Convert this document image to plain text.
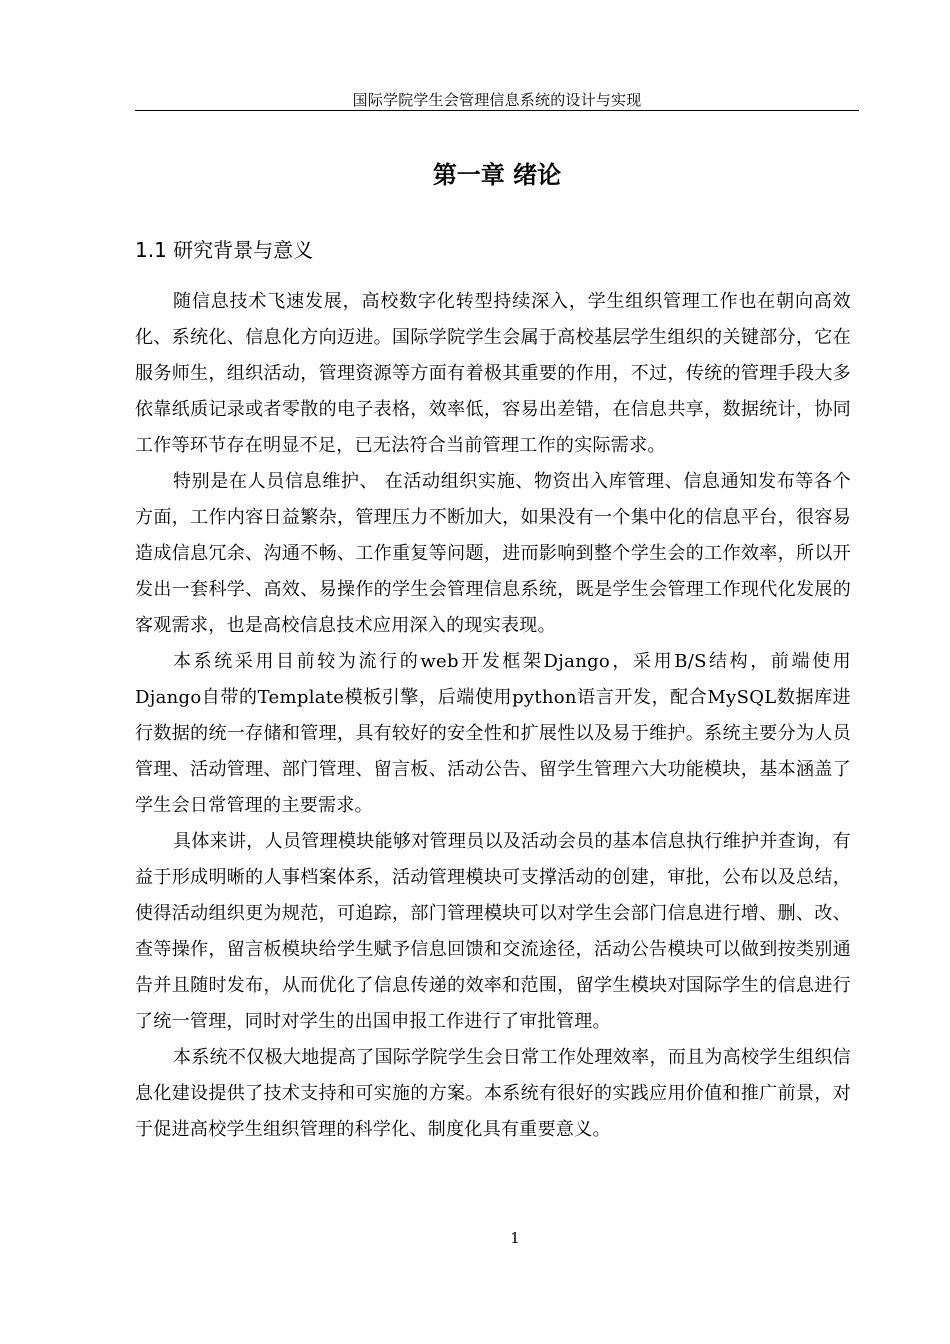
国际学院学生会管理信息系统的设计与实现
第一章 绪论
1.1 研究背景与意义

随信息技术飞速发展，高校数字化转型持续深入，学生组织管理工作也在朝向高效化、系统化、信息化方向迈进。国际学院学生会属于高校基层学生组织的关键部分，它在服务师生，组织活动，管理资源等方面有着极其重要的作用，不过，传统的管理手段大多依靠纸质记录或者零散的电子表格，效率低，容易出差错，在信息共享，数据统计，协同工作等环节存在明显不足，已无法符合当前管理工作的实际需求。

特别是在人员信息维护、 在活动组织实施、物资出入库管理、信息通知发布等各个方面，工作内容日益繁杂，管理压力不断加大，如果没有一个集中化的信息平台，很容易造成信息冗余、沟通不畅、工作重复等问题，进而影响到整个学生会的工作效率，所以开发出一套科学、高效、易操作的学生会管理信息系统，既是学生会管理工作现代化发展的客观需求，也是高校信息技术应用深入的现实表现。

本系统采用目前较为流行的web开发框架Django，采用B/S结构，前端使用Django自带的Template模板引擎，后端使用python语言开发，配合MySQL数据库进行数据的统一存储和管理，具有较好的安全性和扩展性以及易于维护。系统主要分为人员管理、活动管理、部门管理、留言板、活动公告、留学生管理六大功能模块，基本涵盖了学生会日常管理的主要需求。

具体来讲，人员管理模块能够对管理员以及活动会员的基本信息执行维护并查询，有益于形成明晰的人事档案体系，活动管理模块可支撑活动的创建，审批，公布以及总结，使得活动组织更为规范，可追踪，部门管理模块可以对学生会部门信息进行增、删、改、查等操作，留言板模块给学生赋予信息回馈和交流途径，活动公告模块可以做到按类别通告并且随时发布，从而优化了信息传递的效率和范围，留学生模块对国际学生的信息进行了统一管理，同时对学生的出国申报工作进行了审批管理。

本系统不仅极大地提高了国际学院学生会日常工作处理效率，而且为高校学生组织信息化建设提供了技术支持和可实施的方案。本系统有很好的实践应用价值和推广前景，对于促进高校学生组织管理的科学化、制度化具有重要意义。

1
